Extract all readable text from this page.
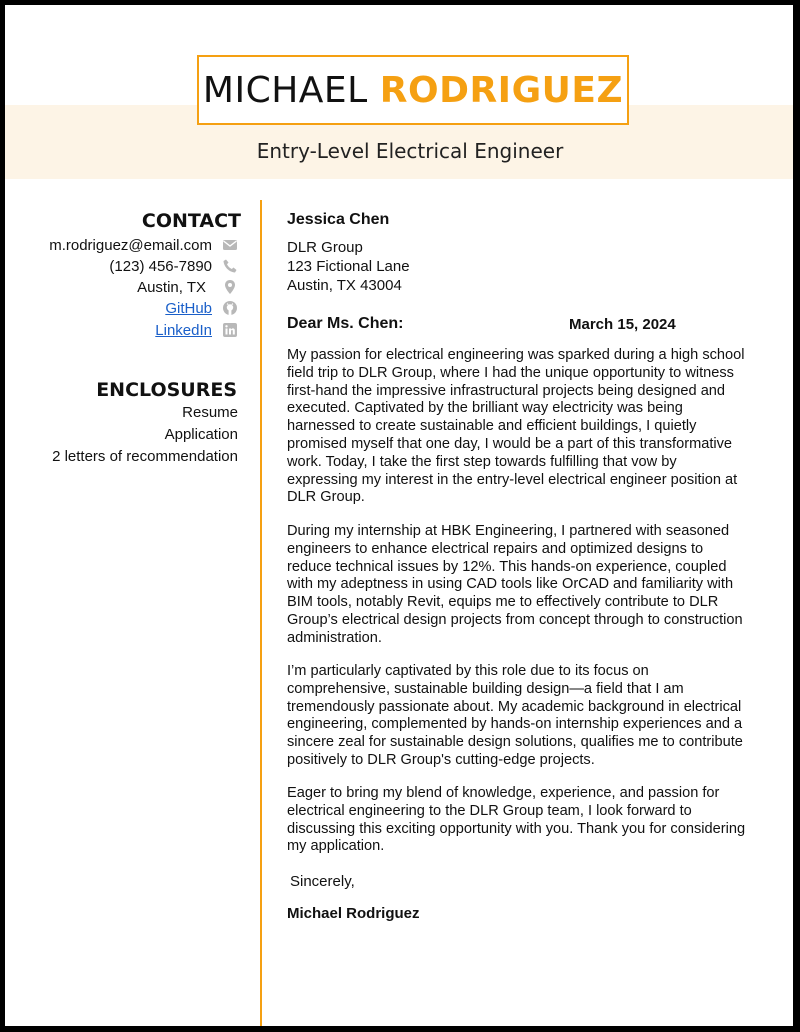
MICHAEL RODRIGUEZ
Entry-Level Electrical Engineer
CONTACT
m.rodriguez@email.com
(123) 456-7890
Austin, TX
GitHub
LinkedIn
ENCLOSURES
Resume
Application
2 letters of recommendation
Jessica Chen
DLR Group
123 Fictional Lane
Austin, TX 43004
Dear Ms. Chen:	March 15, 2024

My passion for electrical engineering was sparked during a high school field trip to DLR Group, where I had the unique opportunity to witness first-hand the impressive infrastructural projects being designed and executed. Captivated by the brilliant way electricity was being harnessed to create sustainable and efficient buildings, I quietly promised myself that one day, I would be a part of this transformative work. Today, I take the first step towards fulfilling that vow by expressing my interest in the entry-level electrical engineer position at DLR Group.

During my internship at HBK Engineering, I partnered with seasoned engineers to enhance electrical repairs and optimized designs to reduce technical issues by 12%. This hands-on experience, coupled with my adeptness in using CAD tools like OrCAD and familiarity with BIM tools, notably Revit, equips me to effectively contribute to DLR Group’s electrical design projects from concept through to construction administration.

I’m particularly captivated by this role due to its focus on comprehensive, sustainable building design—a field that I am tremendously passionate about. My academic background in electrical engineering, complemented by hands-on internship experiences and a sincere zeal for sustainable design solutions, qualifies me to contribute positively to DLR Group's cutting-edge projects.

Eager to bring my blend of knowledge, experience, and passion for electrical engineering to the DLR Group team, I look forward to discussing this exciting opportunity with you. Thank you for considering my application.

Sincerely,
Michael Rodriguez
